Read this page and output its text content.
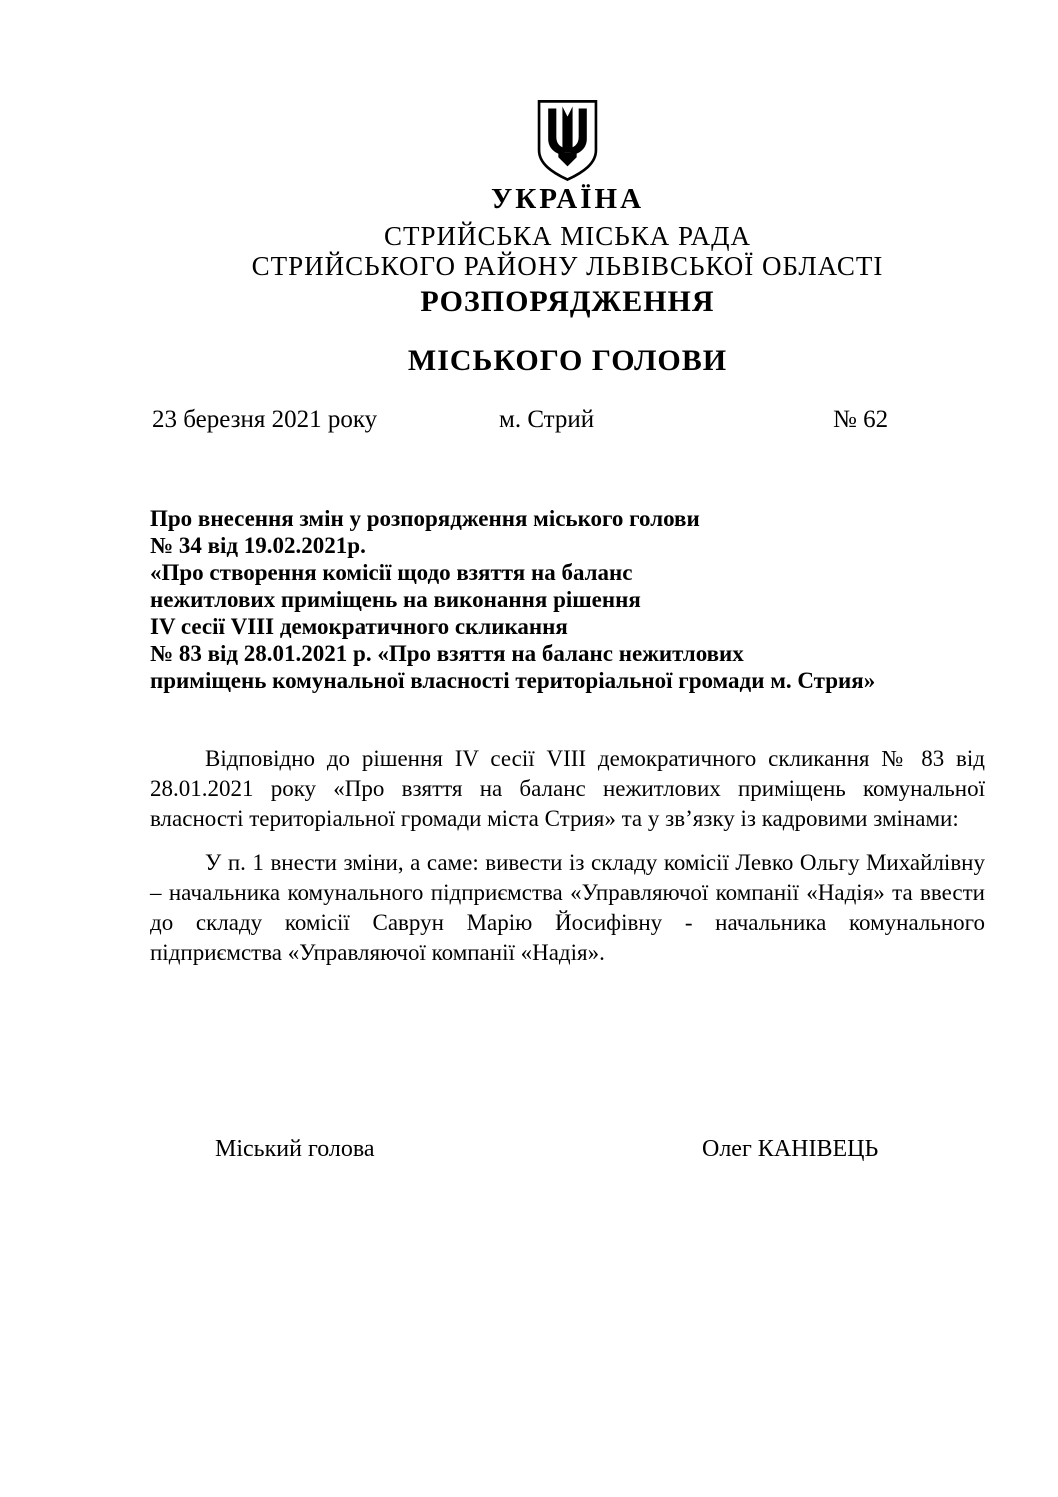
УКРАЇНА
СТРИЙСЬКА МІСЬКА РАДА
СТРИЙСЬКОГО РАЙОНУ ЛЬВІВСЬКОЇ ОБЛАСТІ
РОЗПОРЯДЖЕННЯ
МІСЬКОГО ГОЛОВИ
23 березня 2021 року	м. Стрий	№ 62
Про внесення змін у розпорядження міського голови
№ 34 від 19.02.2021р.
«Про створення комісії щодо взяття на баланс
нежитлових приміщень на виконання рішення
IV сесії VIII демократичного скликання
№ 83 від 28.01.2021 р. «Про взяття на баланс нежитлових
приміщень комунальної власності територіальної громади м. Стрия»
Відповідно до рішення IV сесії VIII демократичного скликання № 83 від 28.01.2021 року «Про взяття на баланс нежитлових приміщень комунальної власності територіальної громади міста Стрия» та у зв’язку із кадровими змінами:
У п. 1 внести зміни, а саме: вивести із складу комісії Левко Ольгу Михайлівну – начальника комунального підприємства «Управляючої компанії «Надія» та ввести до складу комісії Саврун Марію Йосифівну - начальника комунального підприємства «Управляючої компанії «Надія».
Міський голова	Олег КАНІВЕЦЬ
